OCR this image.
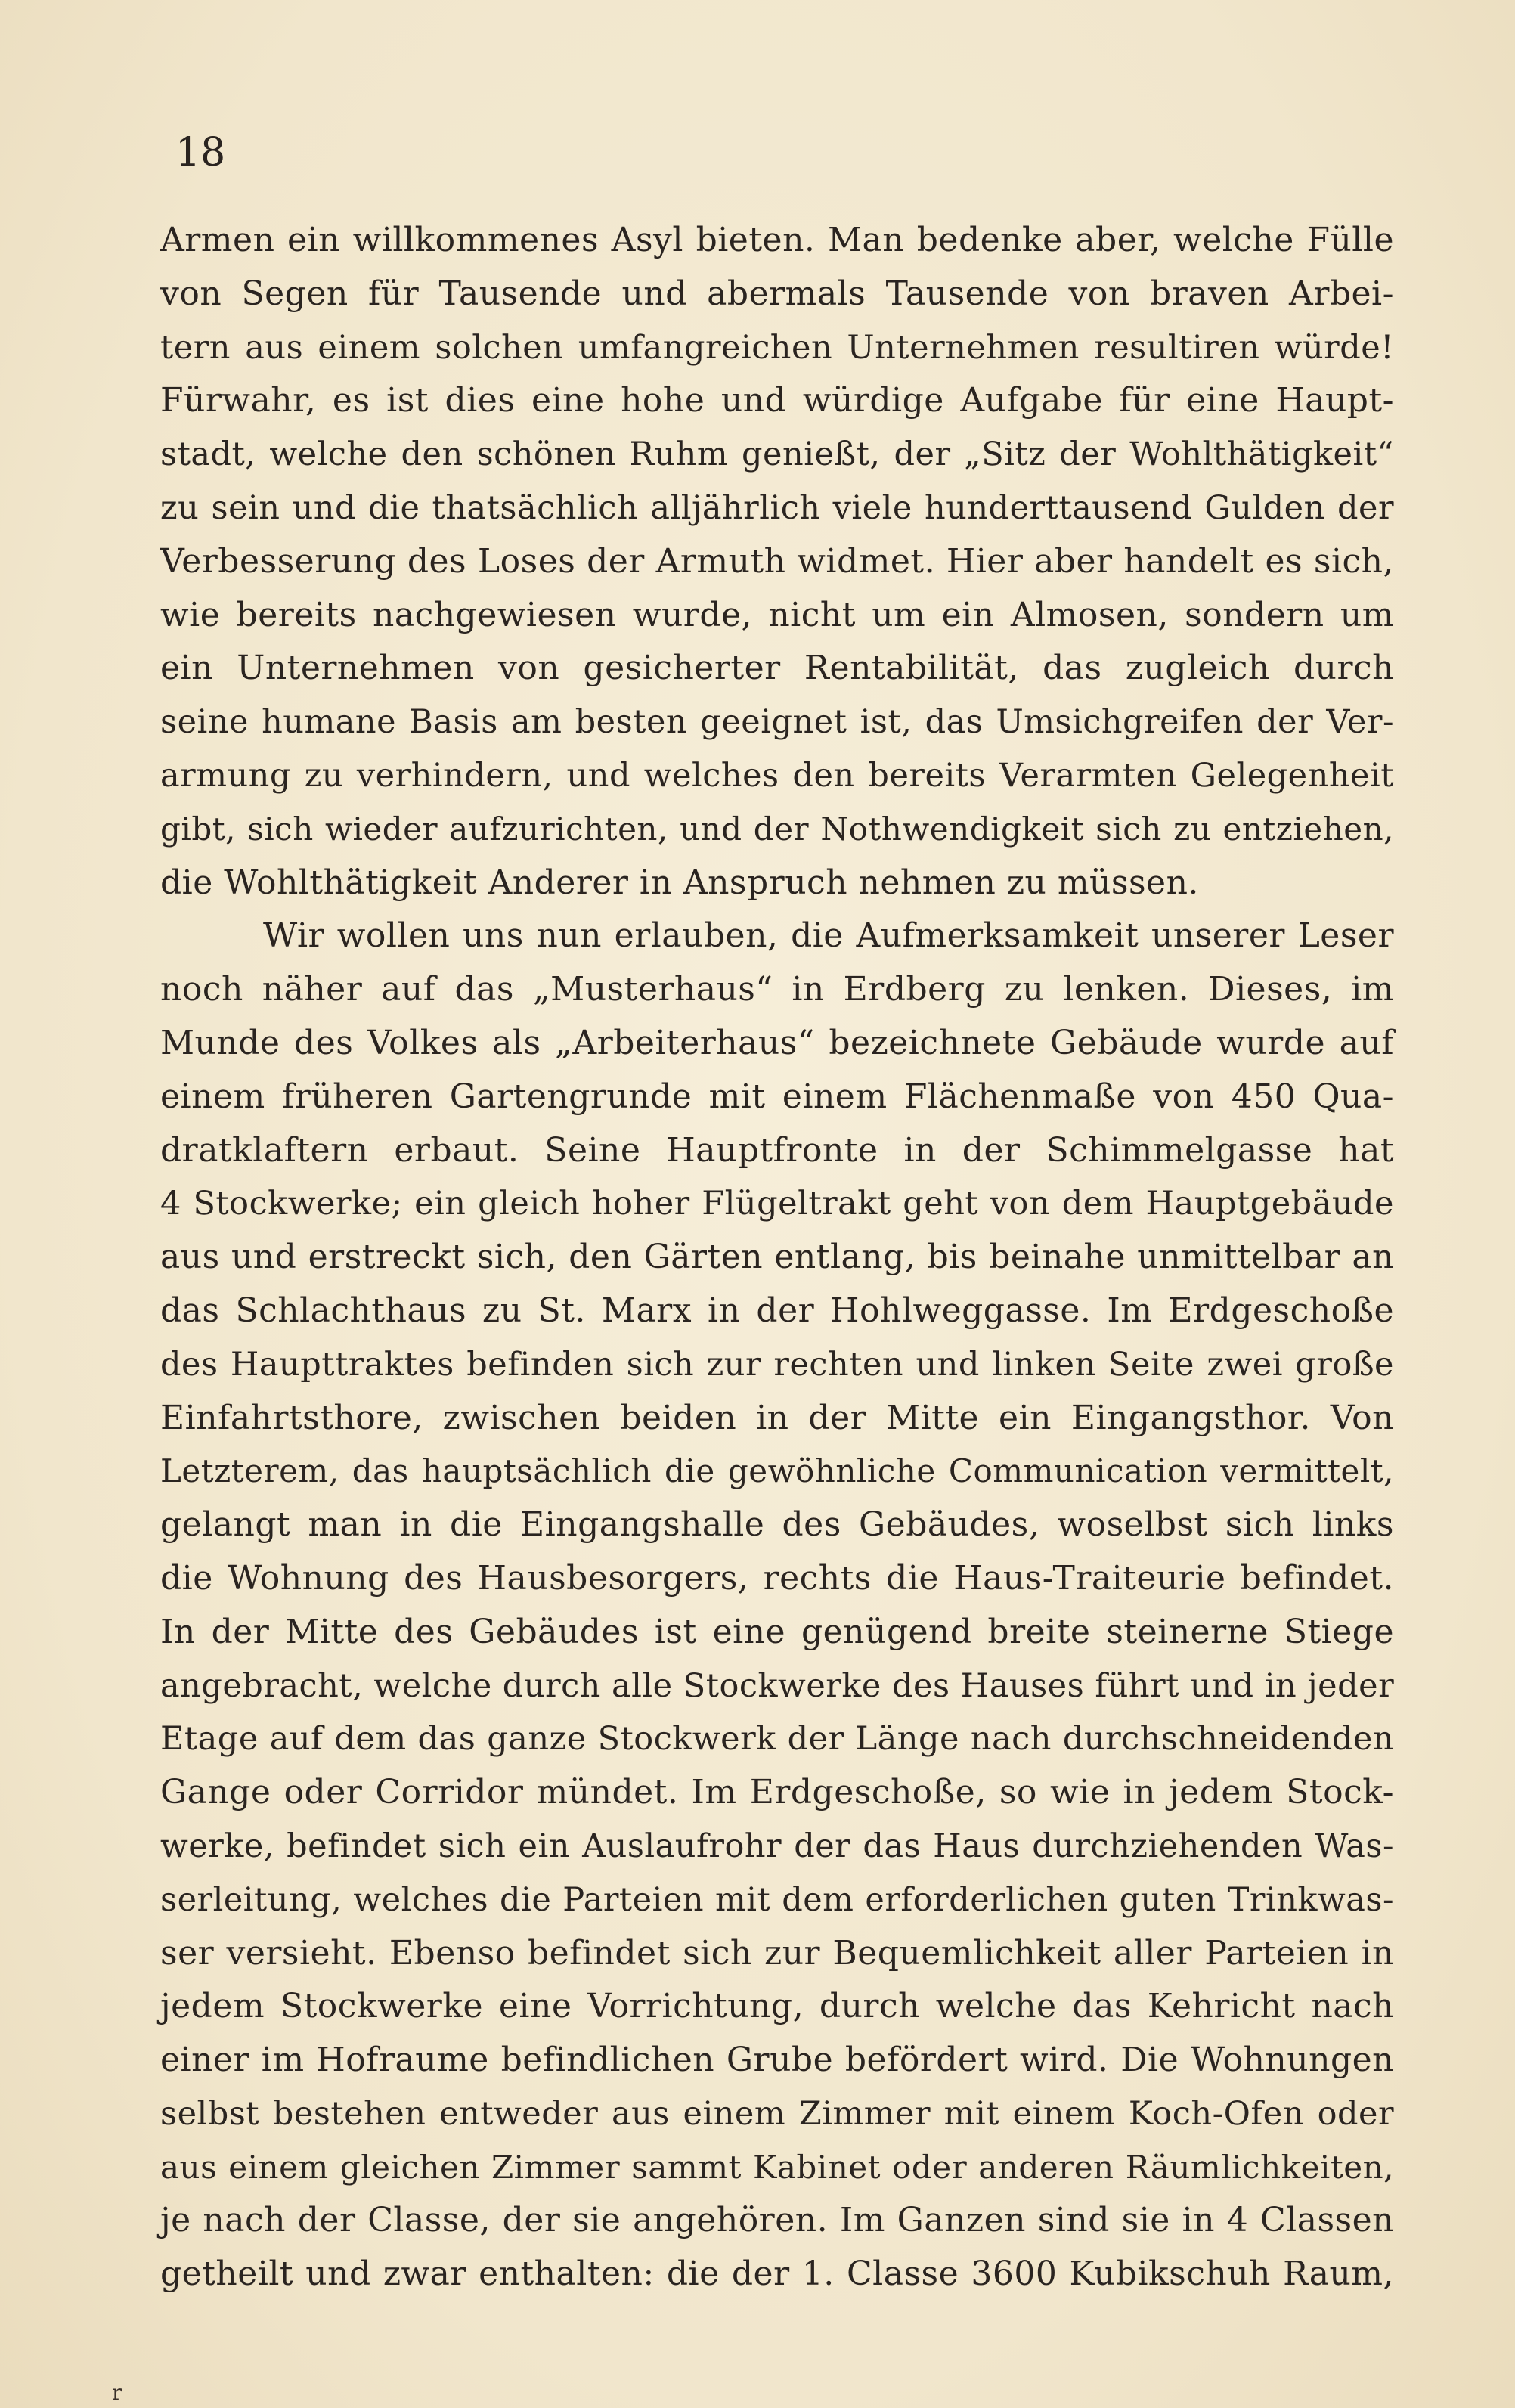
18
Armen ein willkommenes Asyl bieten. Man bedenke aber, welche Fülle
von Segen für Tausende und abermals Tausende von braven Arbei-
tern aus einem solchen umfangreichen Unternehmen resultiren würde!
Fürwahr, es ist dies eine hohe und würdige Aufgabe für eine Haupt-
stadt, welche den schönen Ruhm genießt, der „Sitz der Wohlthätigkeit“
zu sein und die thatsächlich alljährlich viele hunderttausend Gulden der
Verbesserung des Loses der Armuth widmet. Hier aber handelt es sich,
wie bereits nachgewiesen wurde, nicht um ein Almosen, sondern um
ein Unternehmen von gesicherter Rentabilität, das zugleich durch
seine humane Basis am besten geeignet ist, das Umsichgreifen der Ver-
armung zu verhindern, und welches den bereits Verarmten Gelegenheit
gibt, sich wieder aufzurichten, und der Nothwendigkeit sich zu entziehen,
die Wohlthätigkeit Anderer in Anspruch nehmen zu müssen.
Wir wollen uns nun erlauben, die Aufmerksamkeit unserer Leser
noch näher auf das „Musterhaus“ in Erdberg zu lenken. Dieses, im
Munde des Volkes als „Arbeiterhaus“ bezeichnete Gebäude wurde auf
einem früheren Gartengrunde mit einem Flächenmaße von 450 Qua-
dratklaftern erbaut. Seine Hauptfronte in der Schimmelgasse hat
4 Stockwerke; ein gleich hoher Flügeltrakt geht von dem Hauptgebäude
aus und erstreckt sich, den Gärten entlang, bis beinahe unmittelbar an
das Schlachthaus zu St. Marx in der Hohlweggasse. Im Erdgeschoße
des Haupttraktes befinden sich zur rechten und linken Seite zwei große
Einfahrtsthore, zwischen beiden in der Mitte ein Eingangsthor. Von
Letzterem, das hauptsächlich die gewöhnliche Communication vermittelt,
gelangt man in die Eingangshalle des Gebäudes, woselbst sich links
die Wohnung des Hausbesorgers, rechts die Haus-Traiteurie befindet.
In der Mitte des Gebäudes ist eine genügend breite steinerne Stiege
angebracht, welche durch alle Stockwerke des Hauses führt und in jeder
Etage auf dem das ganze Stockwerk der Länge nach durchschneidenden
Gange oder Corridor mündet. Im Erdgeschoße, so wie in jedem Stock-
werke, befindet sich ein Auslaufrohr der das Haus durchziehenden Was-
serleitung, welches die Parteien mit dem erforderlichen guten Trinkwas-
ser versieht. Ebenso befindet sich zur Bequemlichkeit aller Parteien in
jedem Stockwerke eine Vorrichtung, durch welche das Kehricht nach
einer im Hofraume befindlichen Grube befördert wird. Die Wohnungen
selbst bestehen entweder aus einem Zimmer mit einem Koch-Ofen oder
aus einem gleichen Zimmer sammt Kabinet oder anderen Räumlichkeiten,
je nach der Classe, der sie angehören. Im Ganzen sind sie in 4 Classen
getheilt und zwar enthalten: die der 1. Classe 3600 Kubikschuh Raum,
r
